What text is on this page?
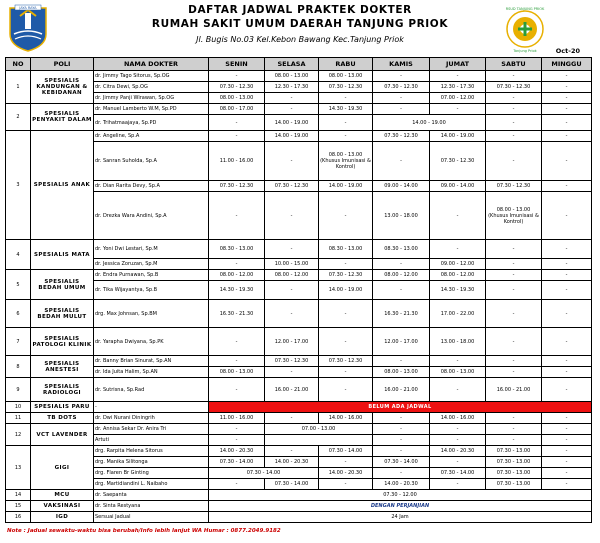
JAYA RAYA	DAFTAR JADWAL PRAKTEK DOKTER
RUMAH SAKIT UMUM DAERAH TANJUNG PRIOK
Jl. Bugis No.03 Kel.Kebon Bawang Kec.Tanjung Priok
RSUD TANJUNG PRIOK
Tanjung Priok	Oct-20
NO	POLI	NAMA DOKTER	SENIN	SELASA	RABU	KAMIS	JUMAT	SABTU	MINGGU
1	SPESIALIS KANDUNGAN & KEBIDANAN	dr. Jimmy Tago Sitorus, Sp.OG	-	08.00 - 13.00	08.00 - 13.00	-	-	-	-
		dr. Citra Dewi, Sp.OG	07.30 - 12.30	12.30 - 17.30	07.30 - 12.30	07.30 - 12.30	12.30 - 17.30	07.30 - 12.30	-
		dr. Jimmy Panji Wirawan, Sp.OG	08.00 - 13.00	-	-	-	07.00 - 12.00	-	-
2	SPESIALIS PENYAKIT DALAM	dr. Manuel Lamberto W.M, Sp.PD	08.00 - 17.00	-	14.30 - 19.30	-	-	-	-
		dr. Trihatmaajaya, Sp.PD	-	14.00 - 19.00	-	14.00 - 19.00		-	-
3	SPESIALIS ANAK	dr. Angeline, Sp.A	-	14.00 - 19.00	-	07.30 - 12.30	14.00 - 19.00	-	-
		dr. Sanran Suholda, Sp.A	11.00 - 16.00	-	08.00 - 13.00 (Khusus Imunisasi & Kontrol)	-	07.30 - 12.30	-	-
		dr. Dian Rarita Devy, Sp.A	07.30 - 12.30	07.30 - 12.30	14.00 - 19.00	09.00 - 14.00	09.00 - 14.00	07.30 - 12.30	-
		dr. Drezka Wara Andini, Sp.A	-	-	-	13.00 - 18.00	-	08.00 - 13.00 (Khusus Imunisasi & Kontrol)	-
4	SPESIALIS MATA	dr. Yoni Dwi Lestari, Sp.M	08.30 - 13.00	-	08.30 - 13.00	08.30 - 13.00	-	-	-
		dr. Jessica Zoruzan, Sp.M	-	10.00 - 15.00	-	-	09.00 - 12.00	-	-
5	SPESIALIS BEDAH UMUM	dr. Endra Purnawan, Sp.B	08.00 - 12.00	08.00 - 12.00	07.30 - 12.30	08.00 - 12.00	08.00 - 12.00	-	-
		dr. Tika Wijayantya, Sp.B	14.30 - 19.30	-	14.00 - 19.00	-	14.30 - 19.30	-	-
6	SPESIALIS BEDAH MULUT	drg. Max Johnsan, Sp.BM	16.30 - 21.30	-	-	16.30 - 21.30	17.00 - 22.00	-	-
7	SPESIALIS PATOLOGI KLINIK	dr. Yarapha Dwiyana, Sp.PK	-	12.00 - 17.00	-	12.00 - 17.00	13.00 - 18.00	-	-
8	SPESIALIS ANESTESI	dr. Banny Brian Sinurat, Sp.AN	-	07.30 - 12.30	07.30 - 12.30	-	-	-	-
		dr. Ida Juita Halim, Sp.AN	08.00 - 13.00	-	-	08.00 - 13.00	08.00 - 13.00	-	-
9	SPESIALIS RADIOLOGI	dr. Sutrisna, Sp.Rad	-	16.00 - 21.00	-	16.00 - 21.00	-	16.00 - 21.00	-
10	SPESIALIS PARU	-	BELUM ADA JADWAL						
11	TB DOTS	dr. Dwi Nurani Diningrih	11.00 - 16.00	-	14.00 - 16.00	-	14.00 - 16.00	-	-
12	VCT LAVENDER	dr. Annisa Sekar Dr. Anira Tri	-	07.00 - 13.00		-	-	-	-
		Artuti	-			-	-	-	-
13	GIGI	drg. Rarpita Helena Sitorus	14.00 - 20.30	-	07.30 - 14.00	-	14.00 - 20.30	07.30 - 13.00	-
		drg. Manika Silitonga	07.30 - 14.00	14.00 - 20.30	-	07.30 - 14.00	-	07.30 - 13.00	-
		drg. Flaren Br Ginting	07.30 - 14.00		14.00 - 20.30	-	07.30 - 14.00	07.30 - 13.00	-
		drg. Martidiandini L. Naibaho	-	07.30 - 14.00	-	14.00 - 20.30	-	07.30 - 13.00	-
14	MCU	dr. Saepanta	07.30 - 12.00						
15	VAKSINASI	dr. Sinta Restyana	DENGAN PERJANJIAN						
16	IGD	Sersuai Jadual	24 Jam						
Note : Jadual sewaktu-waktu bisa berubah/Info lebih lanjut WA Humar : 0877.2049.9182
